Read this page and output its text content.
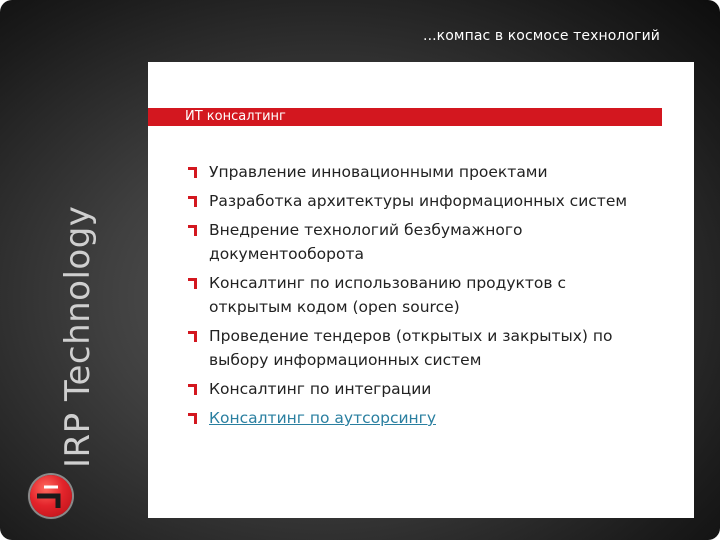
...компас в космосе технологий
ИТ консалтинг
IRP Technology
Управление инновационными проектами
Разработка архитектуры информационных систем
Внедрение технологий безбумажного документооборота
Консалтинг по использованию продуктов с открытым кодом (open source)
Проведение тендеров (открытых и закрытых) по выбору информационных систем
Консалтинг по интеграции
Консалтинг по аутсорсингу
